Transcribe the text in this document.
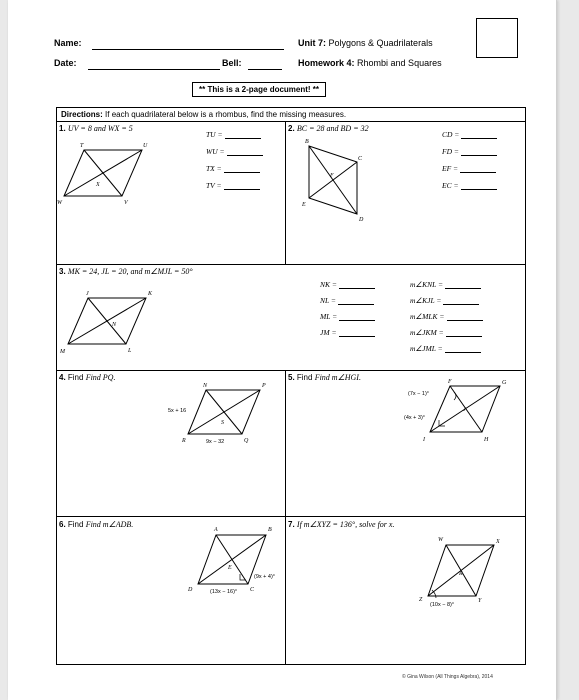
Name:
Date:	Bell:
Unit 7: Polygons & Quadrilaterals
Homework 4: Rhombi and Squares
** This is a 2-page document! **
Directions: If each quadrilateral below is a rhombus, find the missing measures.
1. UV = 8 and WX = 5
T	U
V
W
X
TU =
WU =
TX =
TV =
2. BC = 28 and BD = 32
B
C
D
E
F
CD =
FD =
EF =
EC =
3. MK = 24, JL = 20, and m∠MJL = 50°
J	K
N
M	L
NK =
NL =
ML =
JM =
m∠KNL =
m∠KJL =
m∠MLK =
m∠JKM =
m∠JML =
4. Find Find PQ.
N	P
S
R	Q
5x + 16
9x − 32
5. Find Find m∠HGI.	F	G
J
I	H
(7x − 1)°
(4x + 3)°
6. Find Find m∠ADB.
A	B
E
D	C
(9x + 4)°
(13x − 16)°
7. If m∠XYZ = 136°, solve for x.
W	X
R
Z	Y
(10x − 8)°
© Gina Wilson (All Things Algebra), 2014
